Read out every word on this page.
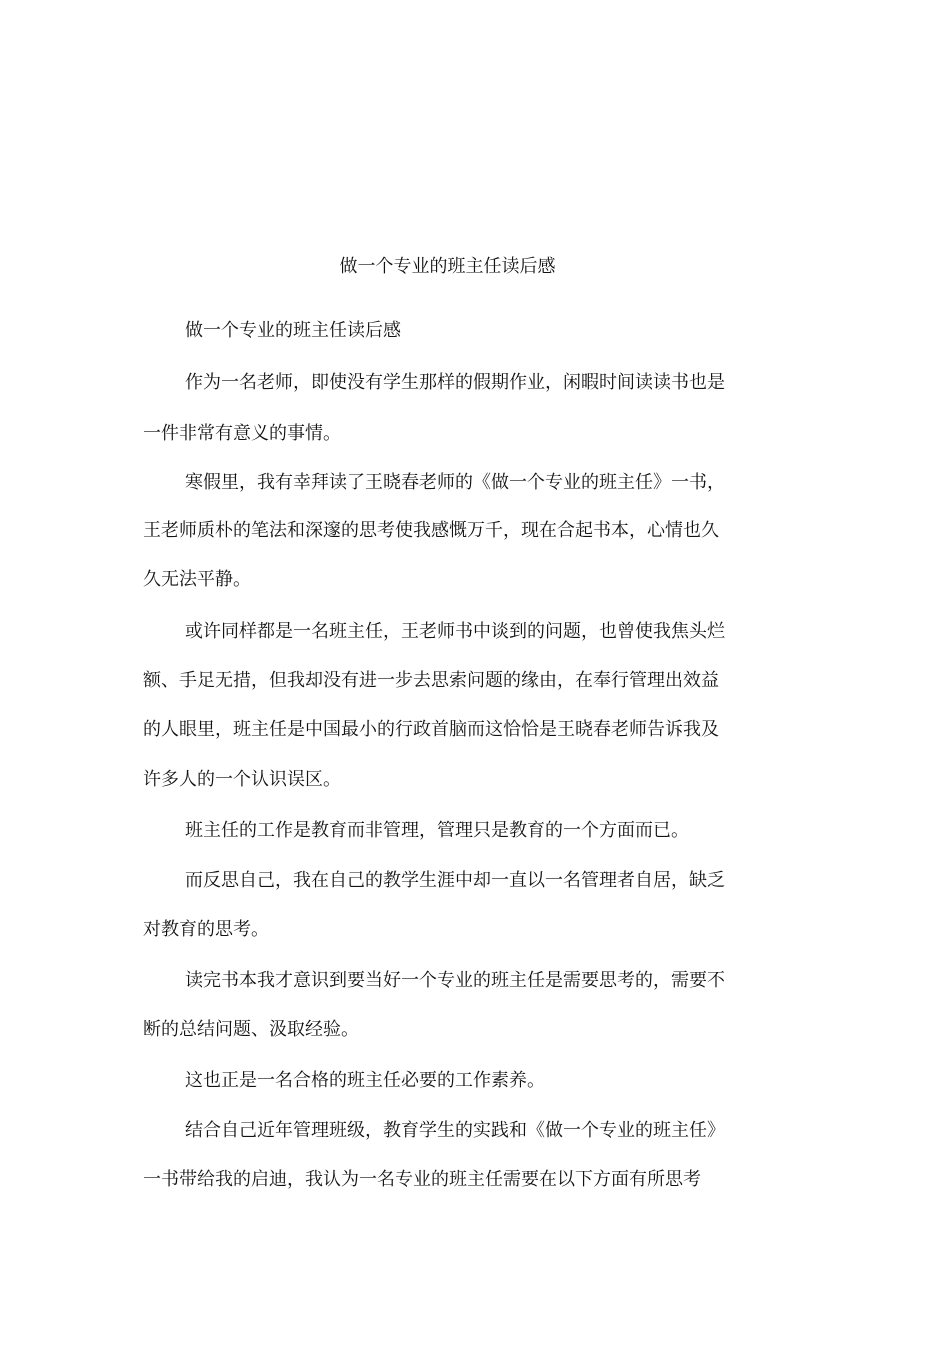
做一个专业的班主任读后感

做一个专业的班主任读后感

作为一名老师，即使没有学生那样的假期作业，闲暇时间读读书也是

一件非常有意义的事情。

寒假里，我有幸拜读了王晓春老师的《做一个专业的班主任》一书，

王老师质朴的笔法和深邃的思考使我感慨万千，现在合起书本，心情也久

久无法平静。

或许同样都是一名班主任，王老师书中谈到的问题，也曾使我焦头烂

额、手足无措，但我却没有进一步去思索问题的缘由，在奉行管理出效益

的人眼里，班主任是中国最小的行政首脑而这恰恰是王晓春老师告诉我及

许多人的一个认识误区。

班主任的工作是教育而非管理，管理只是教育的一个方面而已。

而反思自己，我在自己的教学生涯中却一直以一名管理者自居，缺乏

对教育的思考。

读完书本我才意识到要当好一个专业的班主任是需要思考的，需要不

断的总结问题、汲取经验。

这也正是一名合格的班主任必要的工作素养。

结合自己近年管理班级，教育学生的实践和《做一个专业的班主任》

一书带给我的启迪，我认为一名专业的班主任需要在以下方面有所思考
